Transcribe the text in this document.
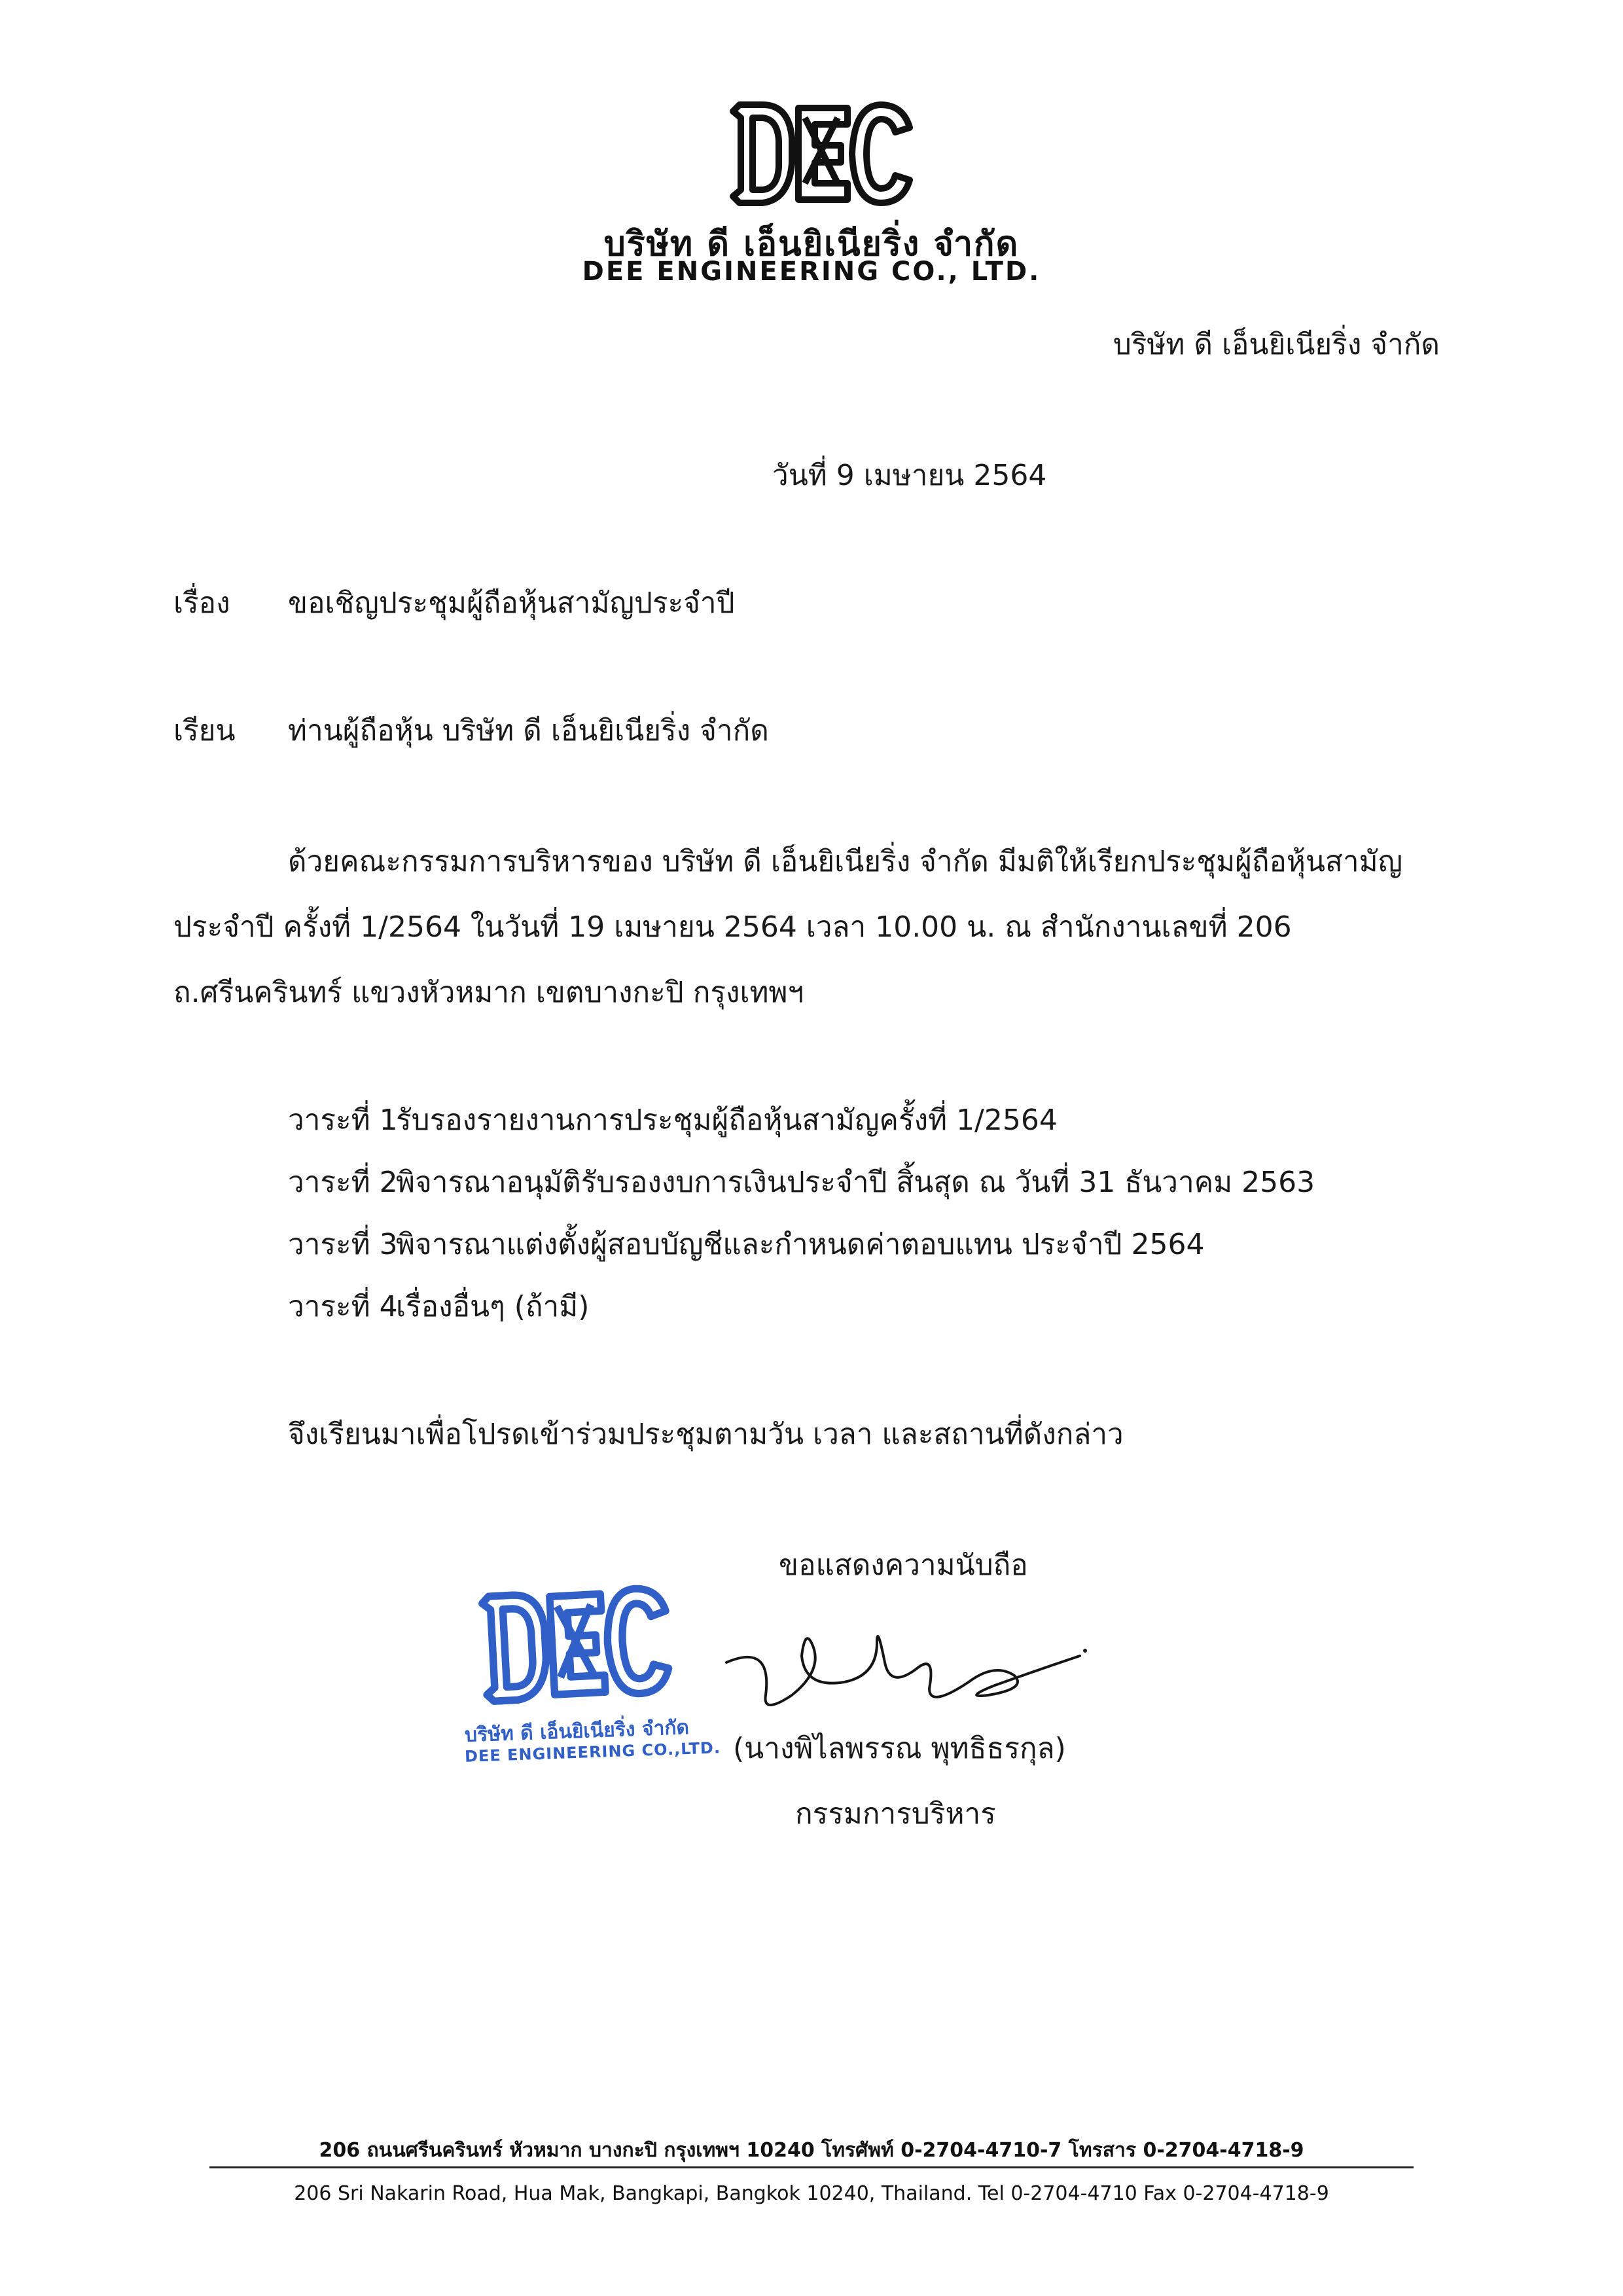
บริษัท ดี เอ็นยิเนียริ่ง จำกัด
DEE ENGINEERING CO., LTD.
บริษัท ดี เอ็นยิเนียริ่ง จำกัด
วันที่ 9 เมษายน 2564
เรื่อง ขอเชิญประชุมผู้ถือหุ้นสามัญประจำปี
เรียน ท่านผู้ถือหุ้น บริษัท ดี เอ็นยิเนียริ่ง จำกัด
ด้วยคณะกรรมการบริหารของ บริษัท ดี เอ็นยิเนียริ่ง จำกัด มีมติให้เรียกประชุมผู้ถือหุ้นสามัญ
ประจำปี ครั้งที่ 1/2564 ในวันที่ 19 เมษายน 2564 เวลา 10.00 น. ณ สำนักงานเลขที่ 206
ถ.ศรีนครินทร์ แขวงหัวหมาก เขตบางกะปิ กรุงเทพฯ
วาระที่ 1รับรองรายงานการประชุมผู้ถือหุ้นสามัญครั้งที่ 1/2564
วาระที่ 2พิจารณาอนุมัติรับรองงบการเงินประจำปี สิ้นสุด ณ วันที่ 31 ธันวาคม 2563
วาระที่ 3พิจารณาแต่งตั้งผู้สอบบัญชีและกำหนดค่าตอบแทน ประจำปี 2564
วาระที่ 4เรื่องอื่นๆ (ถ้ามี)
จึงเรียนมาเพื่อโปรดเข้าร่วมประชุมตามวัน เวลา และสถานที่ดังกล่าว
ขอแสดงความนับถือ
(นางพิไลพรรณ พุทธิธรกุล)
กรรมการบริหาร
บริษัท ดี เอ็นยิเนียริ่ง จำกัด
DEE ENGINEERING CO.,LTD.
206 ถนนศรีนครินทร์ หัวหมาก บางกะปิ กรุงเทพฯ 10240 โทรศัพท์ 0-2704-4710-7 โทรสาร 0-2704-4718-9
206 Sri Nakarin Road, Hua Mak, Bangkapi, Bangkok 10240, Thailand. Tel 0-2704-4710 Fax 0-2704-4718-9
